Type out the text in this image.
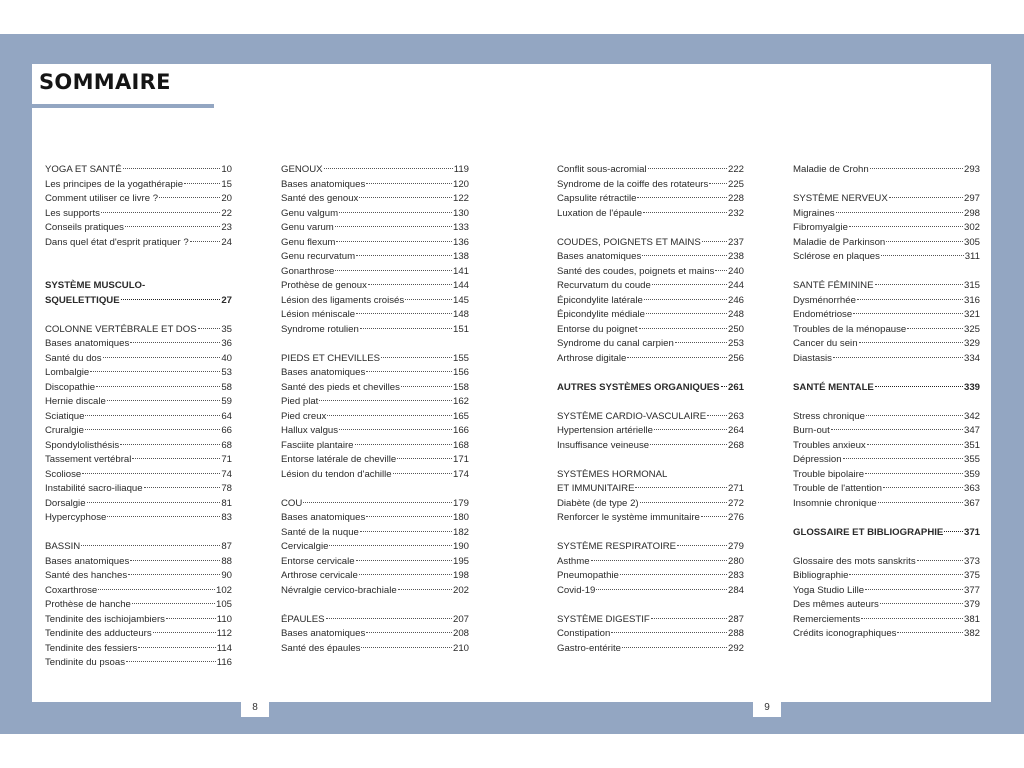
SOMMAIRE
YOGA ET SANTÉ	10
Les principes de la yogathérapie	15
Comment utiliser ce livre ?	20
Les supports	22
Conseils pratiques	23
Dans quel état d'esprit pratiquer ?	24
SYSTÈME MUSCULO-
SQUELETTIQUE	27
COLONNE VERTÉBRALE ET DOS	35
Bases anatomiques	36
Santé du dos	40
Lombalgie	53
Discopathie	58
Hernie discale	59
Sciatique	64
Cruralgie	66
Spondylolisthésis	68
Tassement vertébral	71
Scoliose	74
Instabilité sacro-iliaque	78
Dorsalgie	81
Hypercyphose	83
BASSIN	87
Bases anatomiques	88
Santé des hanches	90
Coxarthrose	102
Prothèse de hanche	105
Tendinite des ischiojambiers	110
Tendinite des adducteurs	112
Tendinite des fessiers	114
Tendinite du psoas	116
GENOUX	119
Bases anatomiques	120
Santé des genoux	122
Genu valgum	130
Genu varum	133
Genu flexum	136
Genu recurvatum	138
Gonarthrose	141
Prothèse de genoux	144
Lésion des ligaments croisés	145
Lésion méniscale	148
Syndrome rotulien	151
PIEDS ET CHEVILLES	155
Bases anatomiques	156
Santé des pieds et chevilles	158
Pied plat	162
Pied creux	165
Hallux valgus	166
Fasciite plantaire	168
Entorse latérale de cheville	171
Lésion du tendon d'achille	174
COU	179
Bases anatomiques	180
Santé de la nuque	182
Cervicalgie	190
Entorse cervicale	195
Arthrose cervicale	198
Névralgie cervico-brachiale	202
ÉPAULES	207
Bases anatomiques	208
Santé des épaules	210
Conflit sous-acromial	222
Syndrome de la coiffe des rotateurs 225
Capsulite rétractile	228
Luxation de l'épaule	232
COUDES, POIGNETS ET MAINS	237
Bases anatomiques	238
Santé des coudes, poignets et mains 240
Recurvatum du coude	244
Épicondylite latérale	246
Épicondylite médiale	248
Entorse du poignet	250
Syndrome du canal carpien	253
Arthrose digitale	256
AUTRES SYSTÈMES ORGANIQUES 261
SYSTÈME CARDIO-VASCULAIRE 263
Hypertension artérielle	264
Insuffisance veineuse	268
SYSTÈMES HORMONAL
ET IMMUNITAIRE	271
Diabète (de type 2)	272
Renforcer le système immunitaire	276
SYSTÈME RESPIRATOIRE	279
Asthme	280
Pneumopathie	283
Covid-19	284
SYSTÈME DIGESTIF	287
Constipation	288
Gastro-entérite	292
Maladie de Crohn	293
SYSTÈME NERVEUX	297
Migraines	298
Fibromyalgie	302
Maladie de Parkinson	305
Sclérose en plaques	311
SANTÉ FÉMININE	315
Dysménorrhée	316
Endométriose	321
Troubles de la ménopause	325
Cancer du sein	329
Diastasis	334
SANTÉ MENTALE	339
Stress chronique	342
Burn-out	347
Troubles anxieux	351
Dépression	355
Trouble bipolaire	359
Trouble de l'attention	363
Insomnie chronique	367
GLOSSAIRE ET BIBLIOGRAPHIE 371
Glossaire des mots sanskrits	373
Bibliographie	375
Yoga Studio Lille	377
Des mêmes auteurs	379
Remerciements	381
Crédits iconographiques	382
8	9
